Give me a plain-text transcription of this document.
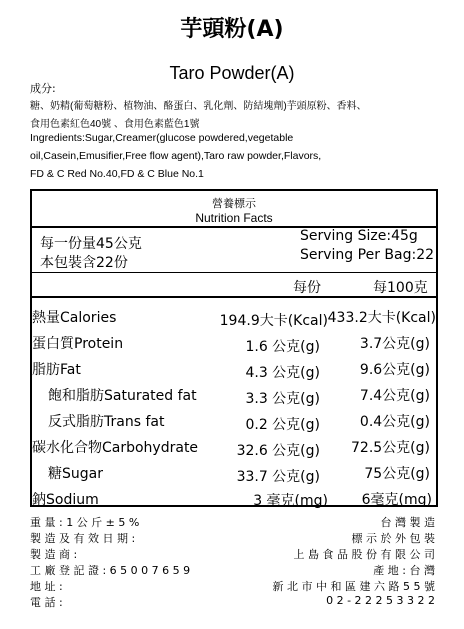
芋頭粉(A)
Taro Powder(A)
成分:
糖、奶精(葡萄糖粉、植物油、酪蛋白、乳化劑、防結塊劑)芋頭原粉、香料、
食用色素紅色40號 、食用色素藍色1號
Ingredients:Sugar,Creamer(glucose powdered,vegetable
oil,Casein,Emusifier,Free flow agent),Taro raw powder,Flavors,
FD & C Red No.40,FD & C Blue No.1
營養標示
Nutrition Facts
每一份量45公克
本包裝含22份
Serving Size:45g
Serving Per Bag:22
每份	每100克
熱量Calories	194.9大卡(Kcal) 433.2大卡(Kcal)
蛋白質Protein	1.6 公克(g)	3.7公克(g)
脂肪Fat	4.3 公克(g)	9.6公克(g)
飽和脂肪Saturated fat	3.3 公克(g)	7.4公克(g)
反式脂肪Trans fat	0.2 公克(g)	0.4公克(g)
碳水化合物Carbohydrate	32.6 公克(g)	72.5公克(g)
糖Sugar	33.7 公克(g)	75公克(g)
鈉Sodium	3 毫克(mg)	6毫克(mg)
重 量 : 1 公 斤 ± 5 %	台 灣 製 造
製 造 及 有 效 日 期 :	標 示 於 外 包 裝
製 造 商 :	上 島 食 品 股 份 有 限 公 司
工 廠 登 記 證 : 6 5 0 0 7 6 5 9	產 地 : 台 灣
地 址 :	新 北 市 中 和 區 建 六 路 5 5 號
電 話 :	0 2 - 2 2 2 5 3 3 2 2
